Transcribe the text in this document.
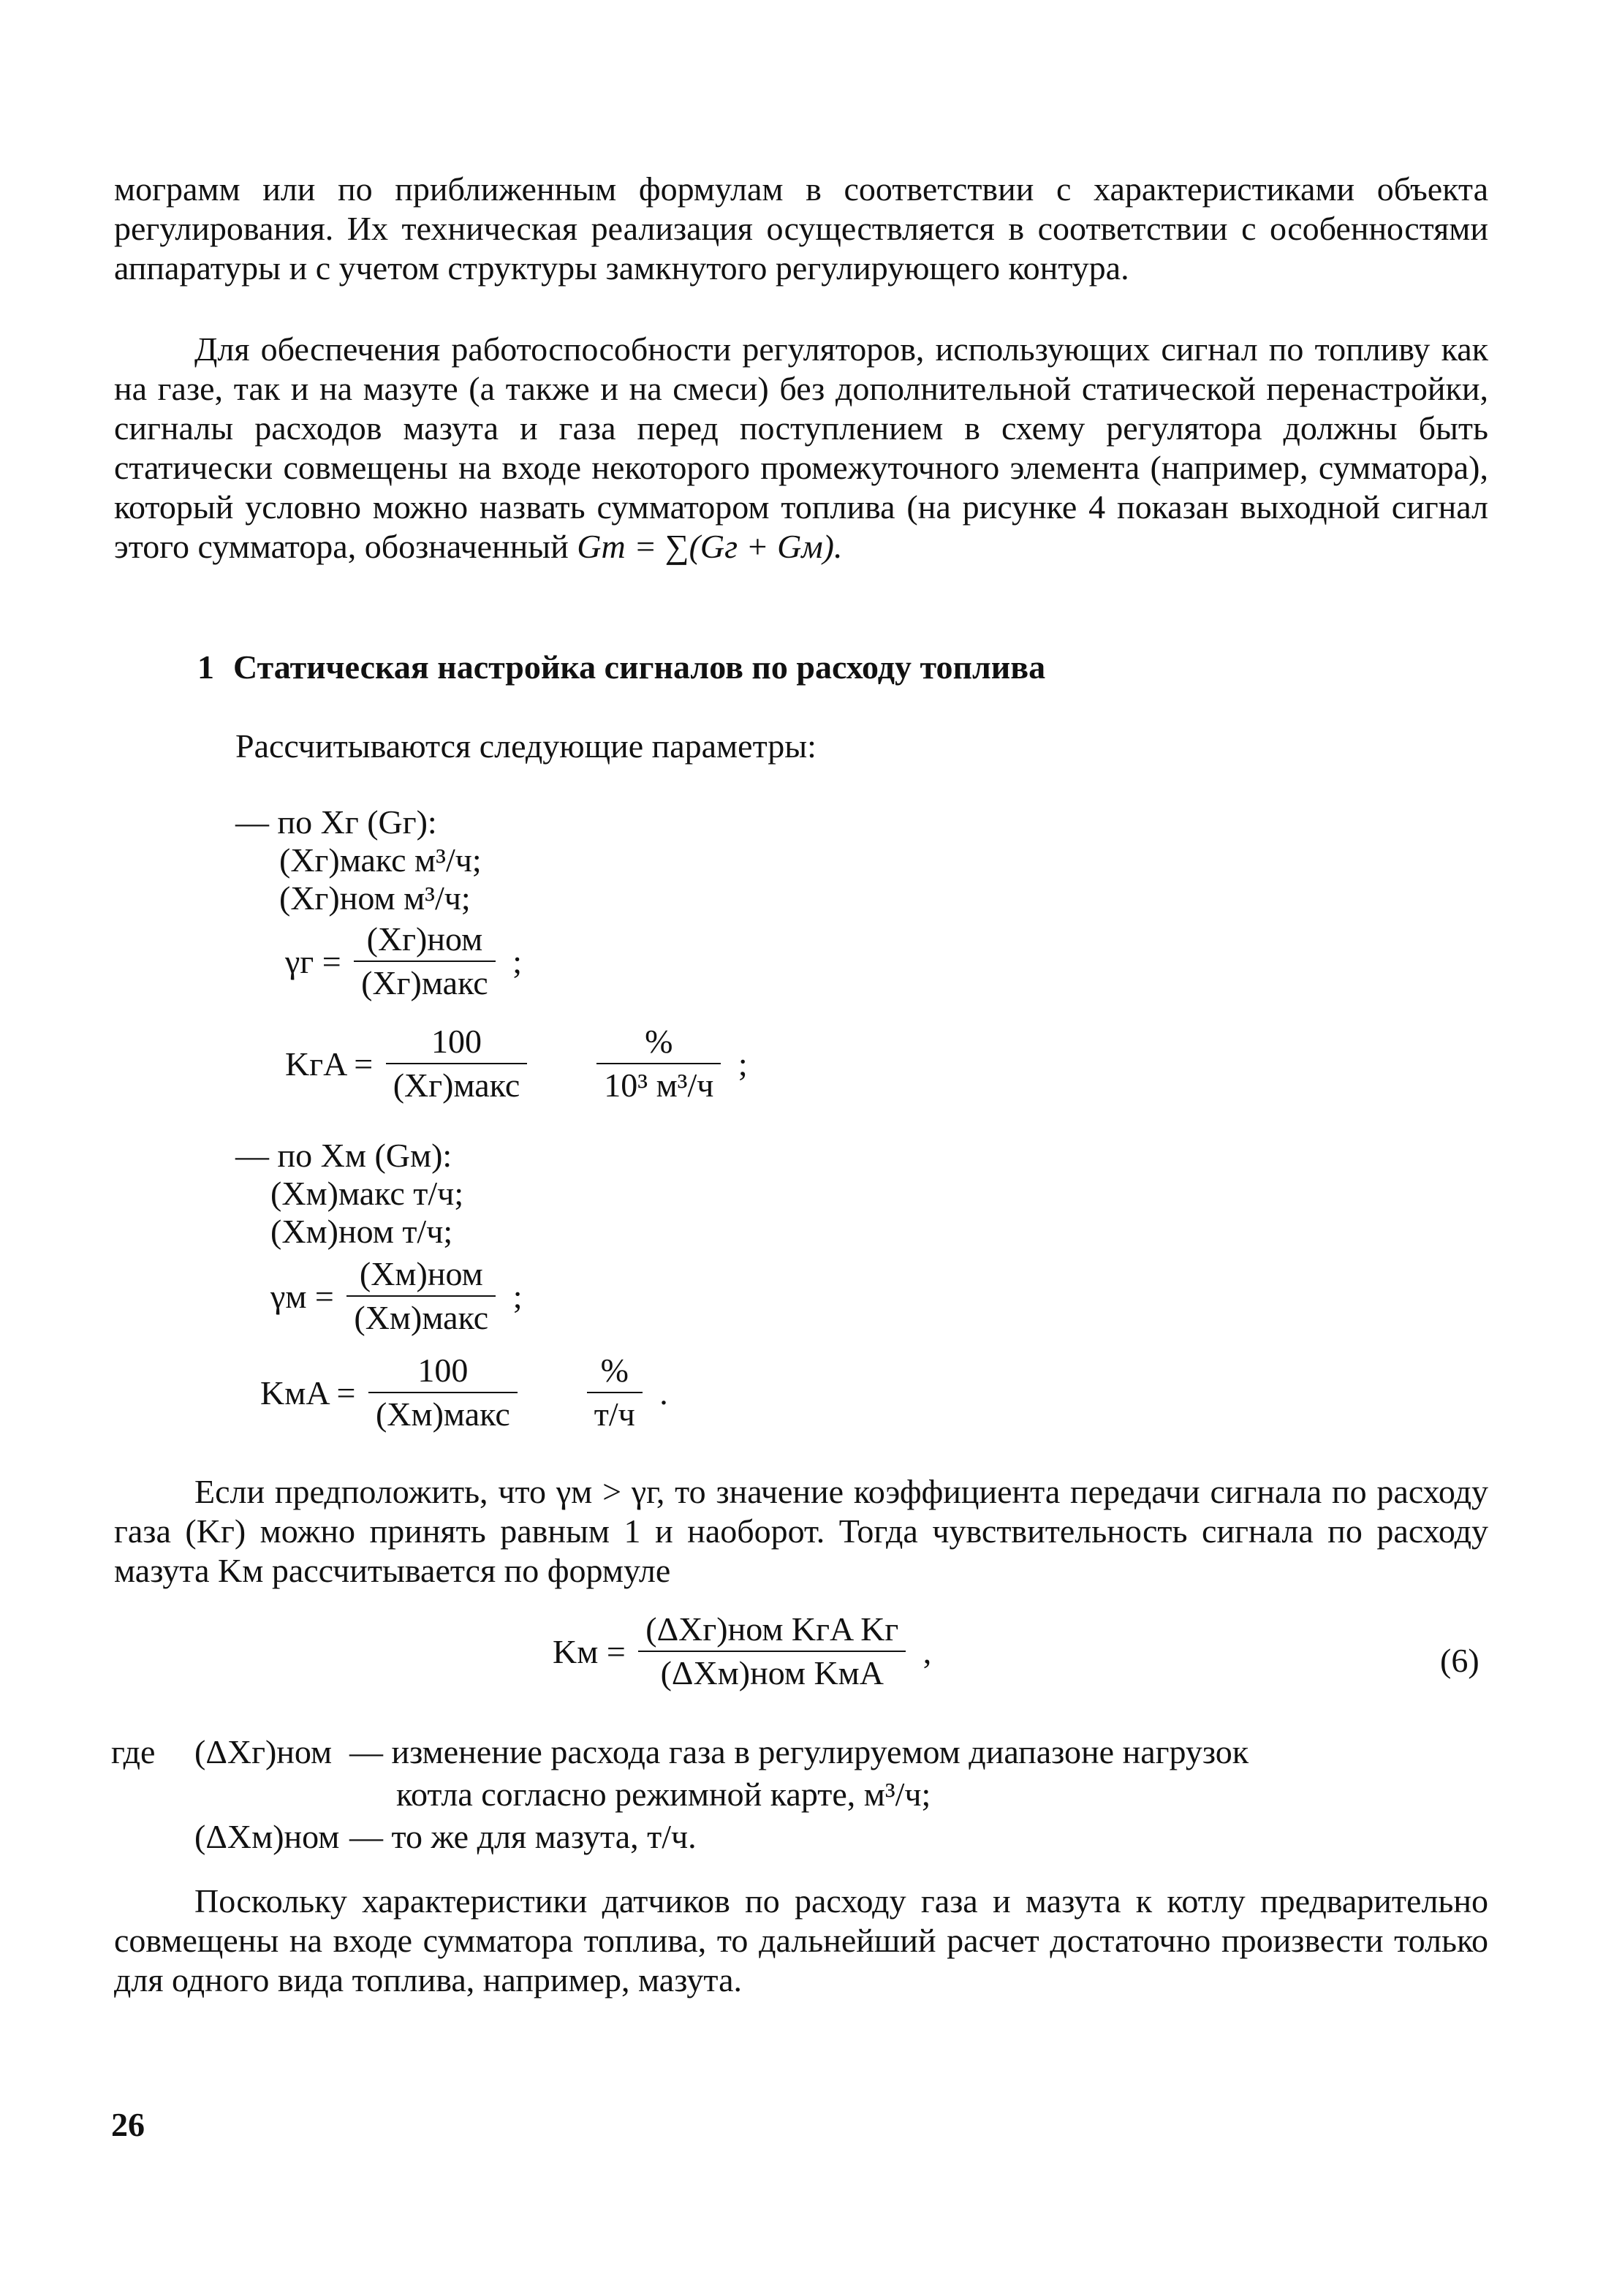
мограмм или по приближенным формулам в соответствии с характеристиками объекта регулирования. Их техническая реализация осуществляется в соответствии с особенностями аппаратуры и с учетом структуры замкнутого регулирующего контура.

Для обеспечения работоспособности регуляторов, использующих сигнал по топливу как на газе, так и на мазуте (а также и на смеси) без дополнительной статической перенастройки, сигналы расходов мазута и газа перед поступлением в схему регулятора должны быть статически совмещены на входе некоторого промежуточного элемента (например, сумматора), который условно можно назвать сумматором топлива (на рисунке 4 показан выходной сигнал этого сумматора, обозначенный Gт = ∑(Gг + Gм).

1 Статическая настройка сигналов по расходу топлива
Рассчитываются следующие параметры:
— по Xг (Gг):
(Xг)макс м³/ч;
(Xг)ном м³/ч;
$\gamma г = \frac{\text{(Xг)ном}}{\text{(Xг)макс}}$ ;
KгA = $\frac{100}{\text{(Xг)макс}}$
$\frac{\%}{\text{10³ м³/ч}}$ ;
— по Xм (Gм):
(Xм)макс т/ч;
(Xм)ном т/ч;
$\gamma м = \frac{\text{(Xм)ном}}{\text{(Xм)макс}}$ ;
KмA = $\frac{100}{\text{(Xм)макс}}$
$\frac{\%}{т/ч}$ .

Если предположить, что γм > γг, то значение коэффициента передачи сигнала по расходу газа (Kг) можно принять равным 1 и наоборот. Тогда чувствительность сигнала по расходу мазута Kм рассчитывается по формуле

Kм = $\frac{\text{(ΔXг)ном KгA Kг}}{\text{(ΔXм)ном KмA}}$ ,	(6)
где (ΔXг)ном — изменение расхода газа в регулируемом диапазоне нагрузок
котла согласно режимной карте, м³/ч;
(ΔXм)ном — то же для мазута, т/ч.

Поскольку характеристики датчиков по расходу газа и мазута к котлу предварительно совмещены на входе сумматора топлива, то дальнейший расчет достаточно произвести только для одного вида топлива, например, мазута.

26
